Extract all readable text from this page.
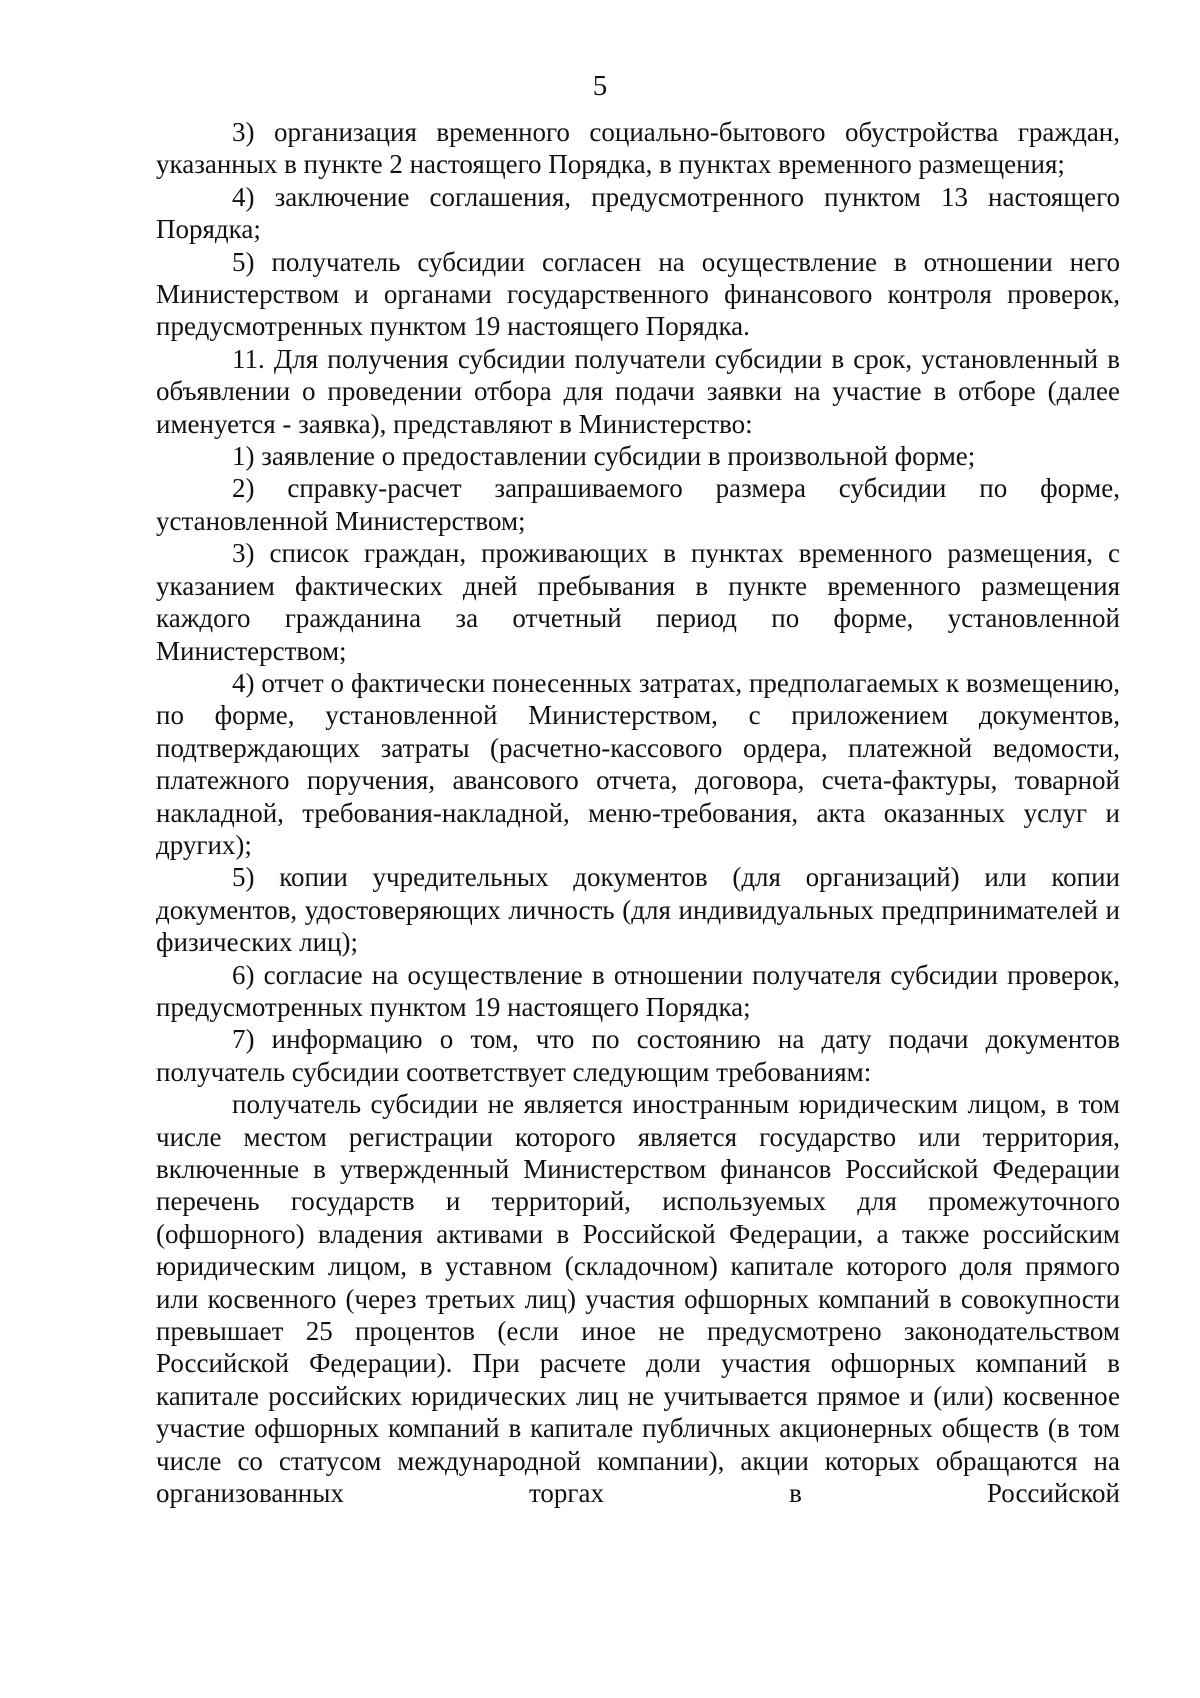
5

3) организация временного социально-бытового обустройства граждан, указанных в пункте 2 настоящего Порядка, в пунктах временного размещения;

4) заключение соглашения, предусмотренного пунктом 13 настоящего Порядка;

5) получатель субсидии согласен на осуществление в отношении него Министерством и органами государственного финансового контроля проверок, предусмотренных пунктом 19 настоящего Порядка.

11. Для получения субсидии получатели субсидии в срок, установленный в объявлении о проведении отбора для подачи заявки на участие в отборе (далее именуется - заявка), представляют в Министерство:

1) заявление о предоставлении субсидии в произвольной форме;

2) справку-расчет запрашиваемого размера субсидии по форме, установленной Министерством;

3) список граждан, проживающих в пунктах временного размещения, с указанием фактических дней пребывания в пункте временного размещения каждого гражданина за отчетный период по форме, установленной Министерством;

4) отчет о фактически понесенных затратах, предполагаемых к возмещению, по форме, установленной Министерством, с приложением документов, подтверждающих затраты (расчетно-кассового ордера, платежной ведомости, платежного поручения, авансового отчета, договора, счета-фактуры, товарной накладной, требования-накладной, меню-требования, акта оказанных услуг и других);

5) копии учредительных документов (для организаций) или копии документов, удостоверяющих личность (для индивидуальных предпринимателей и физических лиц);

6) согласие на осуществление в отношении получателя субсидии проверок, предусмотренных пунктом 19 настоящего Порядка;

7) информацию о том, что по состоянию на дату подачи документов получатель субсидии соответствует следующим требованиям:

получатель субсидии не является иностранным юридическим лицом, в том числе местом регистрации которого является государство или территория, включенные в утвержденный Министерством финансов Российской Федерации перечень государств и территорий, используемых для промежуточного (офшорного) владения активами в Российской Федерации, а также российским юридическим лицом, в уставном (складочном) капитале которого доля прямого или косвенного (через третьих лиц) участия офшорных компаний в совокупности превышает 25 процентов (если иное не предусмотрено законодательством Российской Федерации). При расчете доли участия офшорных компаний в капитале российских юридических лиц не учитывается прямое и (или) косвенное участие офшорных компаний в капитале публичных акционерных обществ (в том числе со статусом международной компании), акции которых обращаются на организованных торгах в Российской
